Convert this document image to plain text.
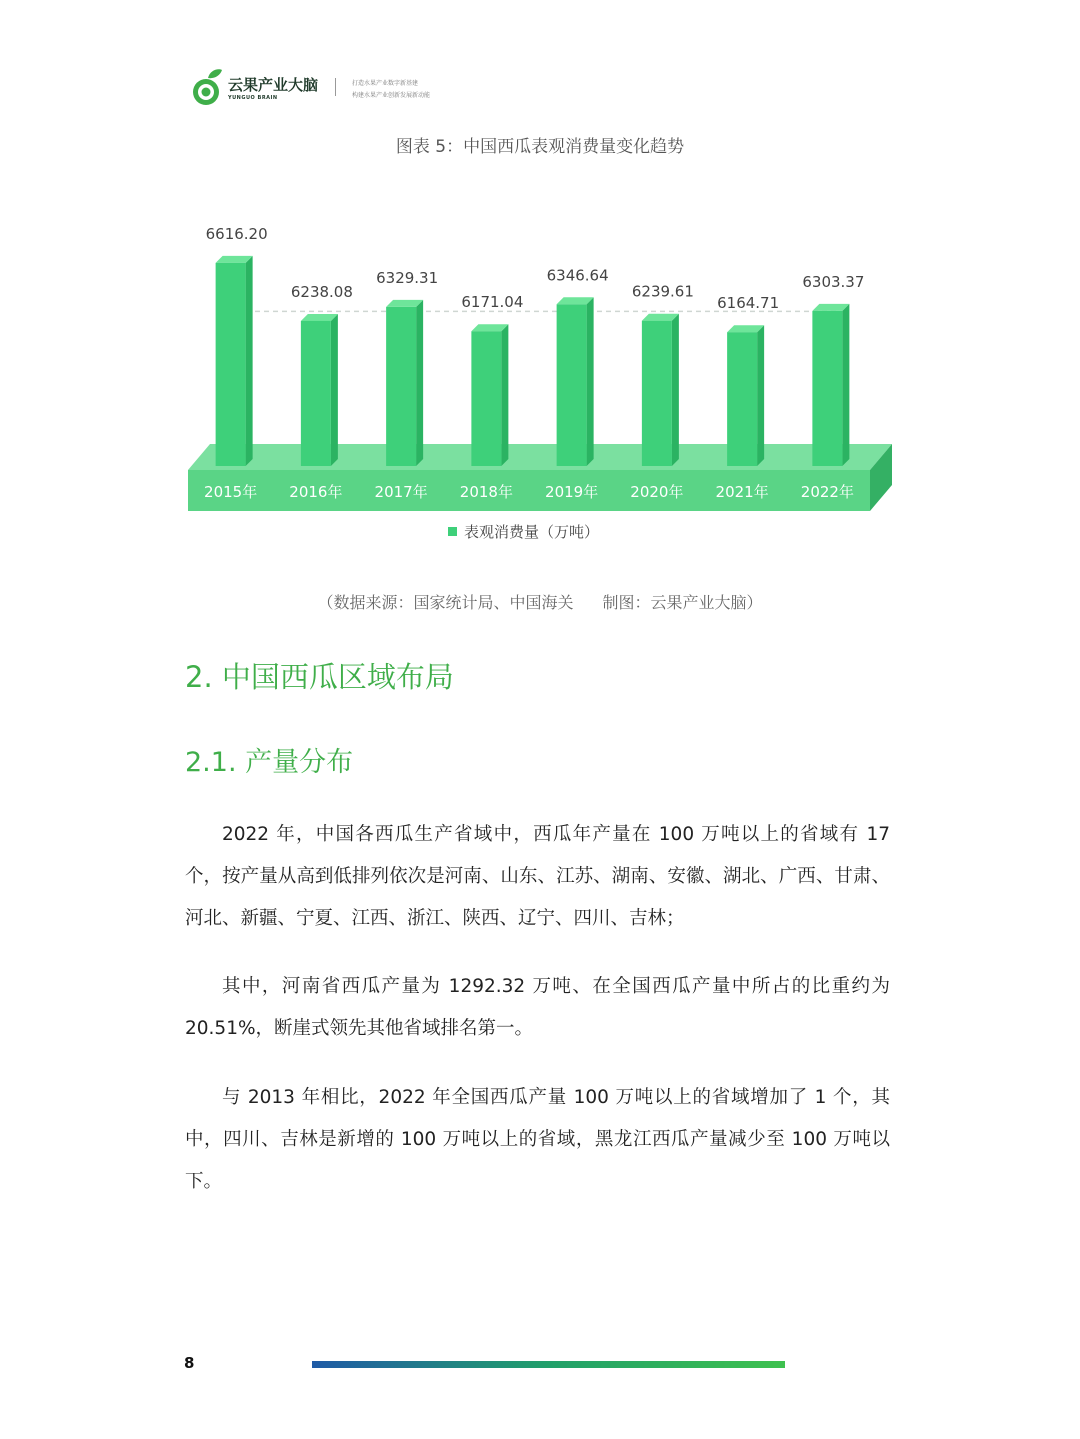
云果产业大脑
YUNGUO BRAIN
打造水果产业数字新基建
构建水果产业创新发展新动能
图表 5：中国西瓜表观消费量变化趋势
6616.20
2015年
6238.08
2016年
6329.31
2017年
6171.04
2018年
6346.64
2019年
6239.61
2020年
6164.71
2021年
6303.37
2022年
表观消费量（万吨）
（数据来源：国家统计局、中国海关 制图：云果产业大脑）
2. 中国西瓜区域布局
2.1. 产量分布

2022 年，中国各西瓜生产省域中，西瓜年产量在 100 万吨以上的省域有 17 个，按产量从高到低排列依次是河南、山东、江苏、湖南、安徽、湖北、广西、甘肃、河北、新疆、宁夏、江西、浙江、陕西、辽宁、四川、吉林；

其中，河南省西瓜产量为 1292.32 万吨、在全国西瓜产量中所占的比重约为 20.51%，断崖式领先其他省域排名第一。

与 2013 年相比，2022 年全国西瓜产量 100 万吨以上的省域增加了 1 个，其中，四川、吉林是新增的 100 万吨以上的省域，黑龙江西瓜产量减少至 100 万吨以下。

8
